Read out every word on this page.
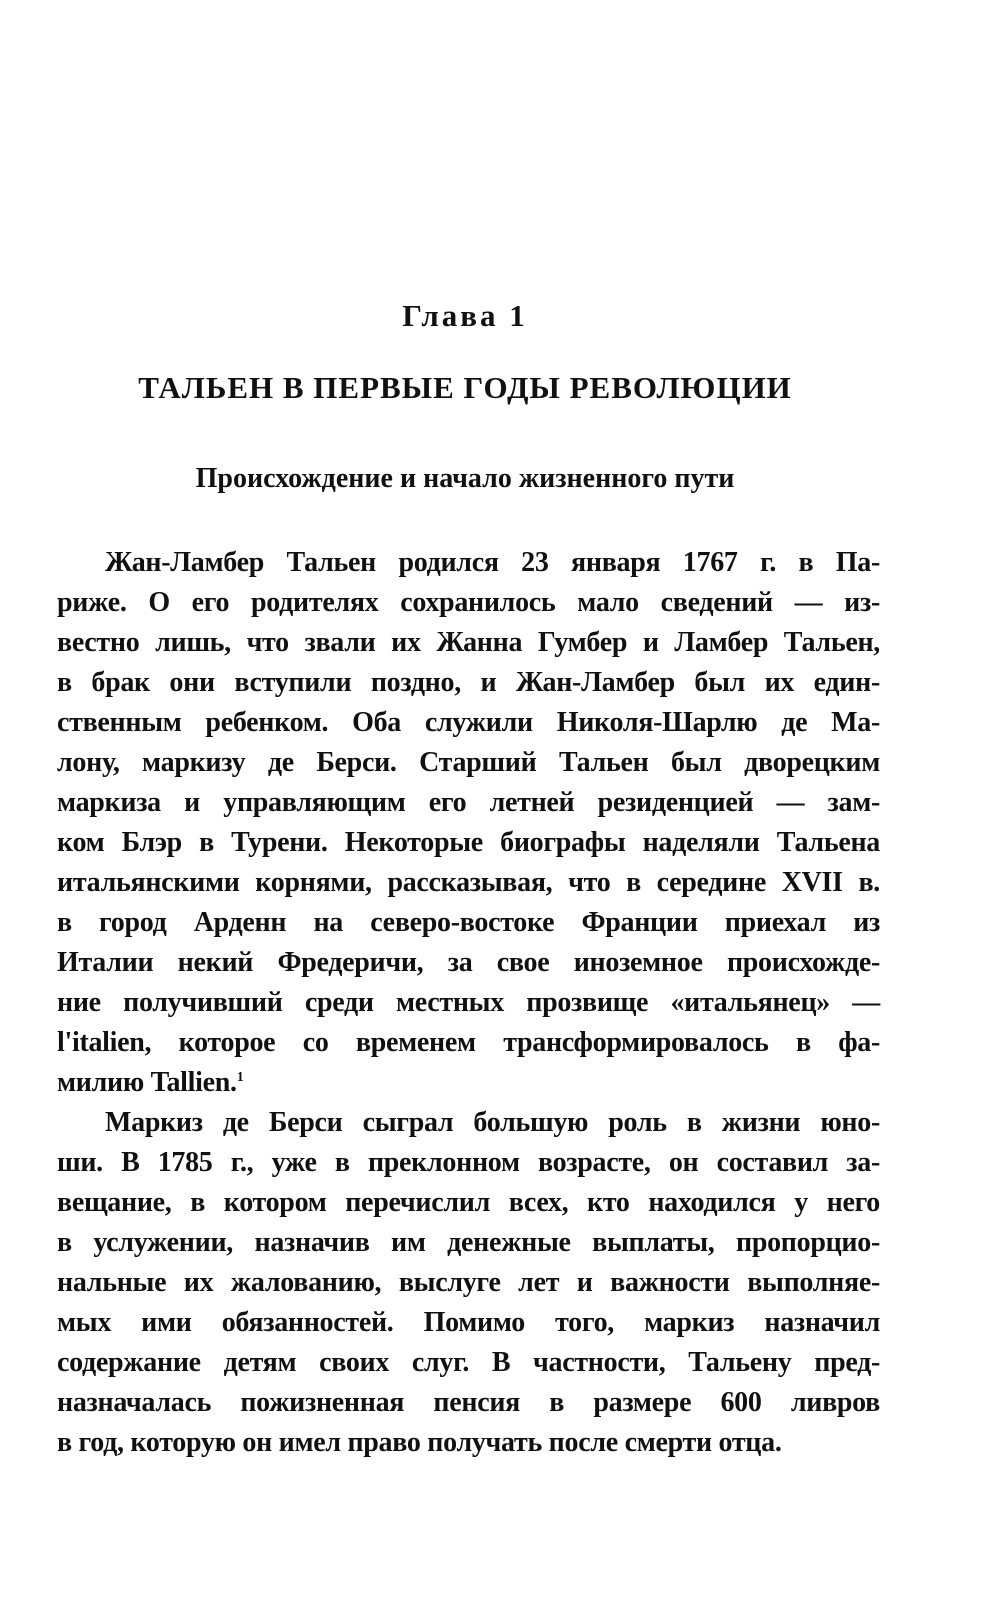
Глава 1
ТАЛЬЕН В ПЕРВЫЕ ГОДЫ РЕВОЛЮЦИИ
Происхождение и начало жизненного пути
Жан-Ламбер Тальен родился 23 января 1767 г. в Па-
риже. О его родителях сохранилось мало сведений — из-
вестно лишь, что звали их Жанна Гумбер и Ламбер Тальен,
в брак они вступили поздно, и Жан-Ламбер был их един-
ственным ребенком. Оба служили Николя-Шарлю де Ма-
лону, маркизу де Берси. Старший Тальен был дворецким
маркиза и управляющим его летней резиденцией — зам-
ком Блэр в Турени. Некоторые биографы наделяли Тальена
итальянскими корнями, рассказывая, что в середине XVII в.
в город Арденн на северо-востоке Франции приехал из
Италии некий Фредеричи, за свое иноземное происхожде-
ние получивший среди местных прозвище «итальянец» —
l'italien, которое со временем трансформировалось в фа-
милию Tallien.$^1$
Маркиз де Берси сыграл большую роль в жизни юно-
ши. В 1785 г., уже в преклонном возрасте, он составил за-
вещание, в котором перечислил всех, кто находился у него
в услужении, назначив им денежные выплаты, пропорцио-
нальные их жалованию, выслуге лет и важности выполняе-
мых ими обязанностей. Помимо того, маркиз назначил
содержание детям своих слуг. В частности, Тальену пред-
назначалась пожизненная пенсия в размере 600 ливров
в год, которую он имел право получать после смерти отца.
